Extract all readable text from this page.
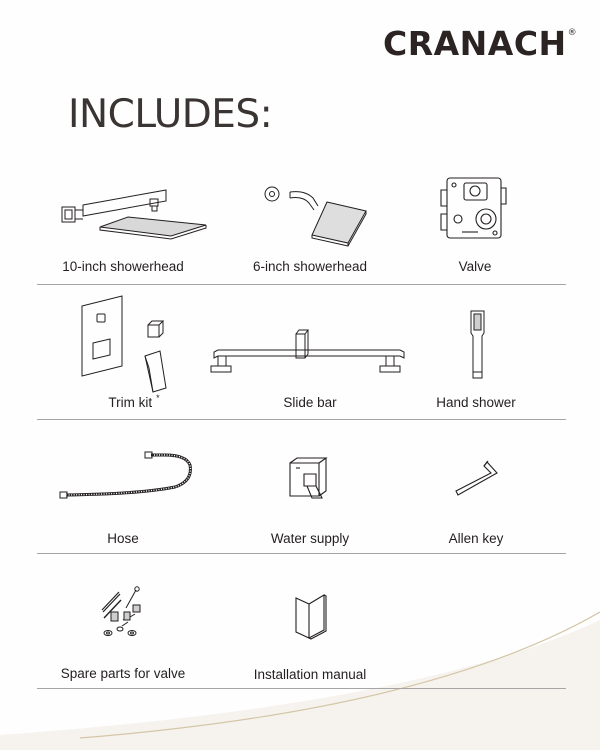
CRANACH®
INCLUDES:
10-inch showerhead	6-inch showerhead	Valve
Trim kit *	Slide bar	Hand shower
Hose	Water supply	Allen key
Spare parts for valve	Installation manual
